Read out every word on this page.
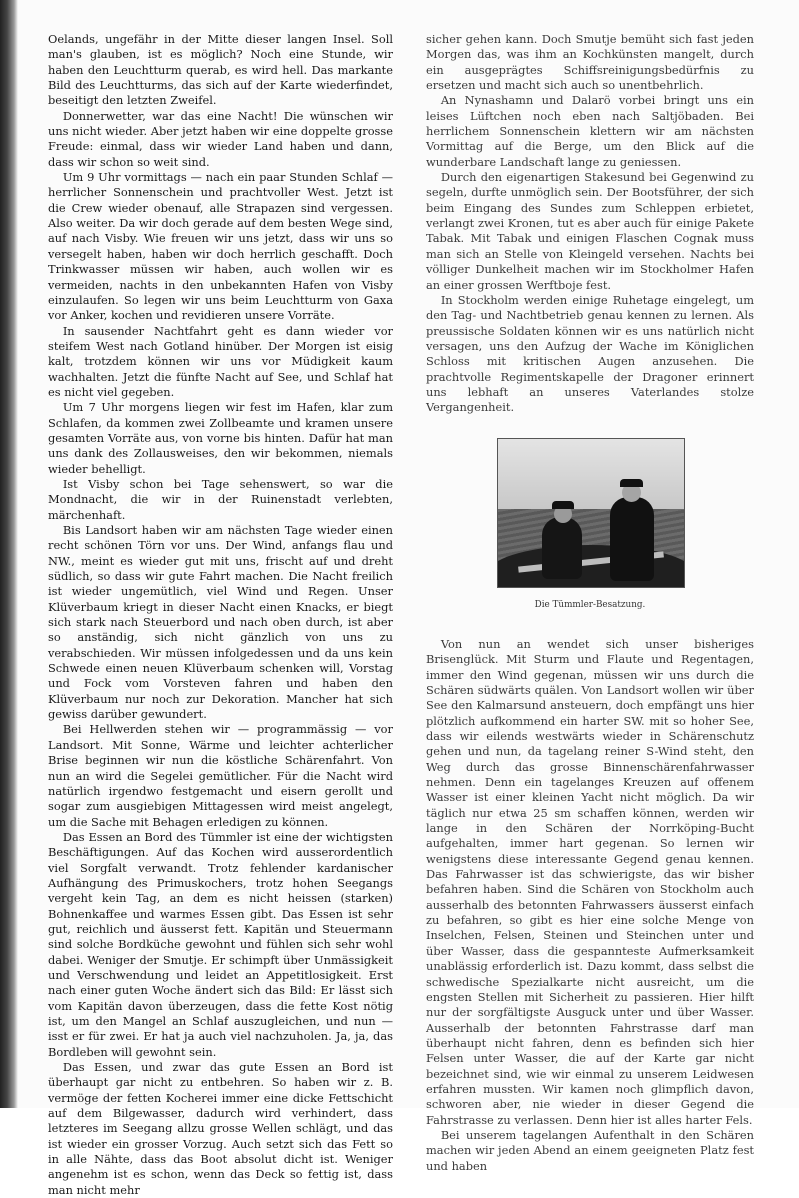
Oelands, ungefähr in der Mitte dieser langen Insel. Soll man's glauben, ist es möglich? Noch eine Stunde, wir haben den Leuchtturm querab, es wird hell. Das markante Bild des Leuchtturms, das sich auf der Karte wiederfindet, beseitigt den letzten Zweifel.

Donnerwetter, war das eine Nacht! Die wünschen wir uns nicht wieder. Aber jetzt haben wir eine doppelte grosse Freude: einmal, dass wir wieder Land haben und dann, dass wir schon so weit sind.

Um 9 Uhr vormittags — nach ein paar Stunden Schlaf — herrlicher Sonnenschein und prachtvoller West. Jetzt ist die Crew wieder obenauf, alle Strapazen sind vergessen. Also weiter. Da wir doch gerade auf dem besten Wege sind, auf nach Visby. Wie freuen wir uns jetzt, dass wir uns so versegelt haben, haben wir doch herrlich geschafft. Doch Trinkwasser müssen wir haben, auch wollen wir es vermeiden, nachts in den unbekannten Hafen von Visby einzulaufen. So legen wir uns beim Leuchtturm von Gaxa vor Anker, kochen und revidieren unsere Vorräte.

In sausender Nachtfahrt geht es dann wieder vor steifem West nach Gotland hinüber. Der Morgen ist eisig kalt, trotzdem können wir uns vor Müdigkeit kaum wachhalten. Jetzt die fünfte Nacht auf See, und Schlaf hat es nicht viel gegeben.

Um 7 Uhr morgens liegen wir fest im Hafen, klar zum Schlafen, da kommen zwei Zollbeamte und kramen unsere gesamten Vorräte aus, von vorne bis hinten. Dafür hat man uns dank des Zollausweises, den wir bekommen, niemals wieder behelligt.

Ist Visby schon bei Tage sehenswert, so war die Mondnacht, die wir in der Ruinenstadt verlebten, märchenhaft.

Bis Landsort haben wir am nächsten Tage wieder einen recht schönen Törn vor uns. Der Wind, anfangs flau und NW., meint es wieder gut mit uns, frischt auf und dreht südlich, so dass wir gute Fahrt machen. Die Nacht freilich ist wieder ungemütlich, viel Wind und Regen. Unser Klüverbaum kriegt in dieser Nacht einen Knacks, er biegt sich stark nach Steuerbord und nach oben durch, ist aber so anständig, sich nicht gänzlich von uns zu verabschieden. Wir müssen infolgedessen und da uns kein Schwede einen neuen Klüverbaum schenken will, Vorstag und Fock vom Vorsteven fahren und haben den Klüverbaum nur noch zur Dekoration. Mancher hat sich gewiss darüber gewundert.

Bei Hellwerden stehen wir — programmässig — vor Landsort. Mit Sonne, Wärme und leichter achterlicher Brise beginnen wir nun die köstliche Schärenfahrt. Von nun an wird die Segelei gemütlicher. Für die Nacht wird natürlich irgendwo festgemacht und eisern gerollt und sogar zum ausgiebigen Mittagessen wird meist angelegt, um die Sache mit Behagen erledigen zu können.

Das Essen an Bord des Tümmler ist eine der wichtigsten Beschäftigungen. Auf das Kochen wird ausserordentlich viel Sorgfalt verwandt. Trotz fehlender kardanischer Aufhängung des Primuskochers, trotz hohen Seegangs vergeht kein Tag, an dem es nicht heissen (starken) Bohnenkaffee und warmes Essen gibt. Das Essen ist sehr gut, reichlich und äusserst fett. Kapitän und Steuermann sind solche Bordküche gewohnt und fühlen sich sehr wohl dabei. Weniger der Smutje. Er schimpft über Unmässigkeit und Verschwendung und leidet an Appetitlosigkeit. Erst nach einer guten Woche ändert sich das Bild: Er lässt sich vom Kapitän davon überzeugen, dass die fette Kost nötig ist, um den Mangel an Schlaf auszugleichen, und nun — isst er für zwei. Er hat ja auch viel nachzuholen. Ja, ja, das Bordleben will gewohnt sein.

Das Essen, und zwar das gute Essen an Bord ist überhaupt gar nicht zu entbehren. So haben wir z. B. vermöge der fetten Kocherei immer eine dicke Fettschicht auf dem Bilgewasser, dadurch wird verhindert, dass letzteres im Seegang allzu grosse Wellen schlägt, und das ist wieder ein grosser Vorzug. Auch setzt sich das Fett so in alle Nähte, dass das Boot absolut dicht ist. Weniger angenehm ist es schon, wenn das Deck so fettig ist, dass man nicht mehr

sicher gehen kann. Doch Smutje bemüht sich fast jeden Morgen das, was ihm an Kochkünsten mangelt, durch ein ausgeprägtes Schiffsreinigungsbedürfnis zu ersetzen und macht sich auch so unentbehrlich.

An Nynashamn und Dalarö vorbei bringt uns ein leises Lüftchen noch eben nach Saltjöbaden. Bei herrlichem Sonnenschein klettern wir am nächsten Vormittag auf die Berge, um den Blick auf die wunderbare Landschaft lange zu geniessen.

Durch den eigenartigen Stakesund bei Gegenwind zu segeln, durfte unmöglich sein. Der Bootsführer, der sich beim Eingang des Sundes zum Schleppen erbietet, verlangt zwei Kronen, tut es aber auch für einige Pakete Tabak. Mit Tabak und einigen Flaschen Cognak muss man sich an Stelle von Kleingeld versehen. Nachts bei völliger Dunkelheit machen wir im Stockholmer Hafen an einer grossen Werftboje fest.

In Stockholm werden einige Ruhetage eingelegt, um den Tag- und Nachtbetrieb genau kennen zu lernen. Als preussische Soldaten können wir es uns natürlich nicht versagen, uns den Aufzug der Wache im Königlichen Schloss mit kritischen Augen anzusehen. Die prachtvolle Regimentskapelle der Dragoner erinnert uns lebhaft an unseres Vaterlandes stolze Vergangenheit.

Die Tümmler-Besatzung.

Von nun an wendet sich unser bisheriges Brisenglück. Mit Sturm und Flaute und Regentagen, immer den Wind gegenan, müssen wir uns durch die Schären südwärts quälen. Von Landsort wollen wir über See den Kalmarsund ansteuern, doch empfängt uns hier plötzlich aufkommend ein harter SW. mit so hoher See, dass wir eilends westwärts wieder in Schärenschutz gehen und nun, da tagelang reiner S-Wind steht, den Weg durch das grosse Binnenschärenfahrwasser nehmen. Denn ein tagelanges Kreuzen auf offenem Wasser ist einer kleinen Yacht nicht möglich. Da wir täglich nur etwa 25 sm schaffen können, werden wir lange in den Schären der Norrköping-Bucht aufgehalten, immer hart gegenan. So lernen wir wenigstens diese interessante Gegend genau kennen. Das Fahrwasser ist das schwierigste, das wir bisher befahren haben. Sind die Schären von Stockholm auch ausserhalb des betonnten Fahrwassers äusserst einfach zu befahren, so gibt es hier eine solche Menge von Inselchen, Felsen, Steinen und Steinchen unter und über Wasser, dass die gespannteste Aufmerksamkeit unablässig erforderlich ist. Dazu kommt, dass selbst die schwedische Spezialkarte nicht ausreicht, um die engsten Stellen mit Sicherheit zu passieren. Hier hilft nur der sorgfältigste Ausguck unter und über Wasser. Ausserhalb der betonnten Fahrstrasse darf man überhaupt nicht fahren, denn es befinden sich hier Felsen unter Wasser, die auf der Karte gar nicht bezeichnet sind, wie wir einmal zu unserem Leidwesen erfahren mussten. Wir kamen noch glimpflich davon, schworen aber, nie wieder in dieser Gegend die Fahrstrasse zu verlassen. Denn hier ist alles harter Fels.

Bei unserem tagelangen Aufenthalt in den Schären machen wir jeden Abend an einem geeigneten Platz fest und haben
